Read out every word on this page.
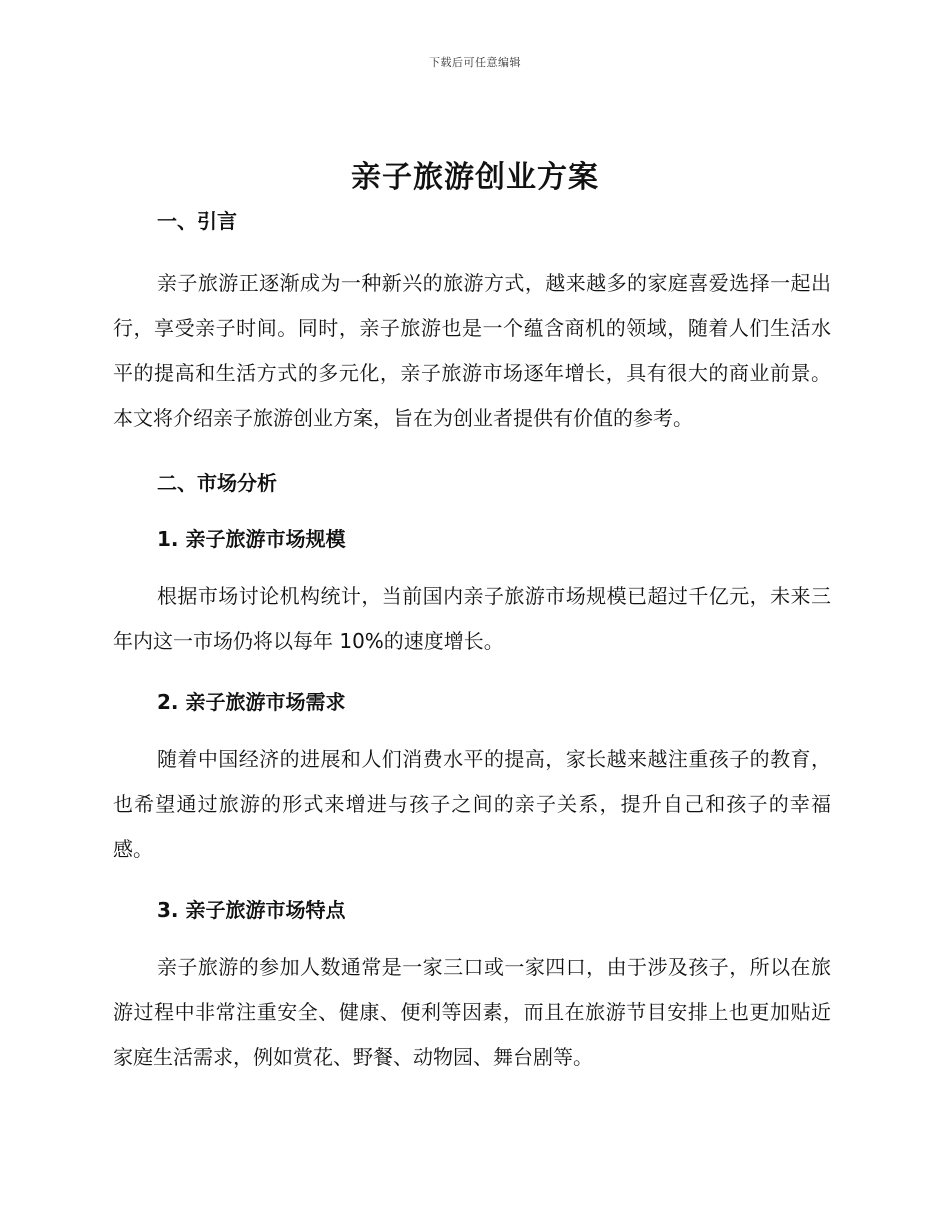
下载后可任意编辑
亲子旅游创业方案
一、引言

亲子旅游正逐渐成为一种新兴的旅游方式，越来越多的家庭喜爱选择一起出行，享受亲子时间。同时，亲子旅游也是一个蕴含商机的领域，随着人们生活水平的提高和生活方式的多元化，亲子旅游市场逐年增长，具有很大的商业前景。本文将介绍亲子旅游创业方案，旨在为创业者提供有价值的参考。

二、市场分析
1. 亲子旅游市场规模

根据市场讨论机构统计，当前国内亲子旅游市场规模已超过千亿元，未来三年内这一市场仍将以每年 10%的速度增长。

2. 亲子旅游市场需求

随着中国经济的进展和人们消费水平的提高，家长越来越注重孩子的教育，也希望通过旅游的形式来增进与孩子之间的亲子关系，提升自己和孩子的幸福感。

3. 亲子旅游市场特点

亲子旅游的参加人数通常是一家三口或一家四口，由于涉及孩子，所以在旅游过程中非常注重安全、健康、便利等因素，而且在旅游节目安排上也更加贴近家庭生活需求，例如赏花、野餐、动物园、舞台剧等。
